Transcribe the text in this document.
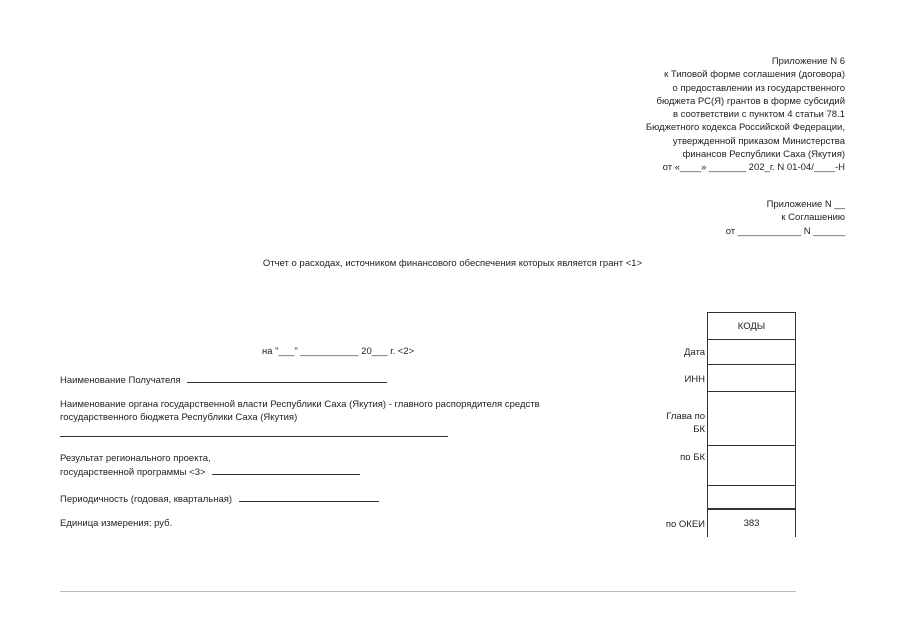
Приложение N 6
к Типовой форме соглашения (договора)
о предоставлении из государственного
бюджета РС(Я) грантов в форме субсидий
в соответствии с пунктом 4 статьи 78.1
Бюджетного кодекса Российской Федерации,
утвержденной приказом Министерства
финансов Республики Саха (Якутия)
от «____» _______ 202_г. N 01-04/____-Н
Приложение N __
к Соглашению
от ____________ N ______
Отчет о расходах, источником финансового обеспечения которых является грант <1>
КОДЫ
383
на "___" ___________ 20___ г. <2>	Дата
ИНН
Глава по
БК
по БК
по ОКЕИ
Наименование Получателя
Наименование органа государственной власти Республики Саха (Якутия) - главного распорядителя средств
государственного бюджета Республики Саха (Якутия)
Результат регионального проекта,
государственной программы <3>
Периодичность (годовая, квартальная)
Единица измерения: руб.
